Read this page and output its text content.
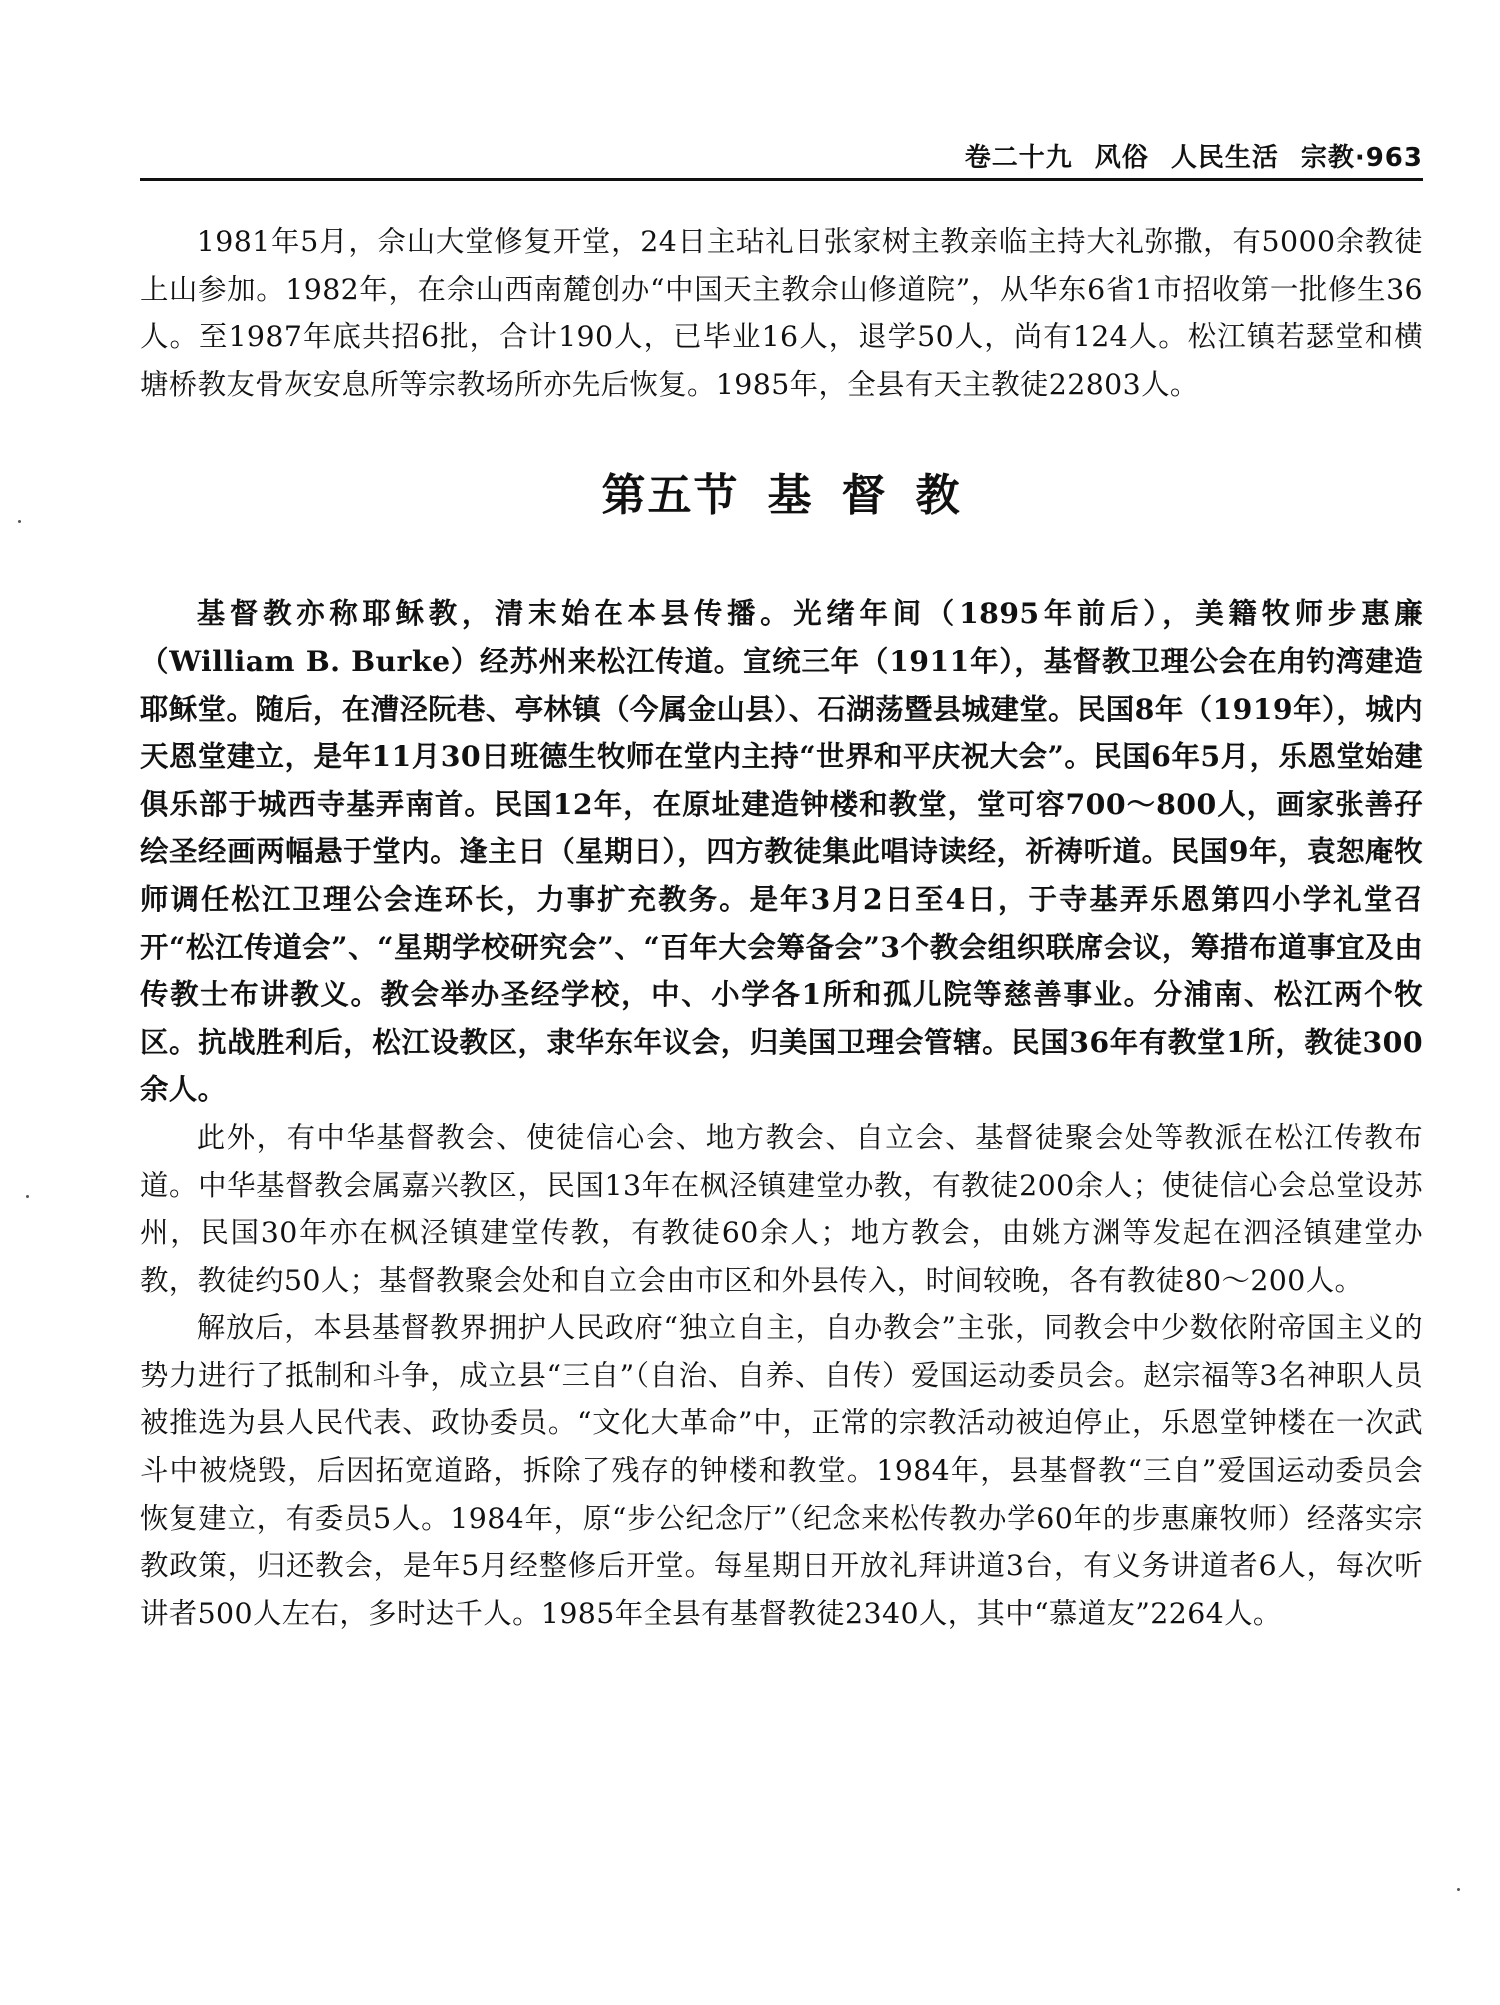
卷二十九 风俗 人民生活 宗教·963

1981年5月，佘山大堂修复开堂，24日主玷礼日张家树主教亲临主持大礼弥撒，有5000余教徒上山参加。1982年，在佘山西南麓创办“中国天主教佘山修道院”，从华东6省1市招收第一批修生36人。至1987年底共招6批，合计190人，已毕业16人，退学50人，尚有124人。松江镇若瑟堂和横塘桥教友骨灰安息所等宗教场所亦先后恢复。1985年，全县有天主教徒22803人。

第五节 基 督 教

基督教亦称耶稣教，清末始在本县传播。光绪年间（1895年前后），美籍牧师步惠廉（William B. Burke）经苏州来松江传道。宣统三年（1911年），基督教卫理公会在甪钓湾建造耶稣堂。随后，在漕泾阮巷、亭林镇（今属金山县）、石湖荡暨县城建堂。民国8年（1919年），城内天恩堂建立，是年11月30日班德生牧师在堂内主持“世界和平庆祝大会”。民国6年5月，乐恩堂始建俱乐部于城西寺基弄南首。民国12年，在原址建造钟楼和教堂，堂可容700～800人，画家张善孖绘圣经画两幅悬于堂内。逢主日（星期日），四方教徒集此唱诗读经，祈祷听道。民国9年，袁恕庵牧师调任松江卫理公会连环长，力事扩充教务。是年3月2日至4日，于寺基弄乐恩第四小学礼堂召开“松江传道会”、“星期学校研究会”、“百年大会筹备会”3个教会组织联席会议，筹措布道事宜及由传教士布讲教义。教会举办圣经学校，中、小学各1所和孤儿院等慈善事业。分浦南、松江两个牧区。抗战胜利后，松江设教区，隶华东年议会，归美国卫理会管辖。民国36年有教堂1所，教徒300余人。

此外，有中华基督教会、使徒信心会、地方教会、自立会、基督徒聚会处等教派在松江传教布道。中华基督教会属嘉兴教区，民国13年在枫泾镇建堂办教，有教徒200余人；使徒信心会总堂设苏州，民国30年亦在枫泾镇建堂传教，有教徒60余人；地方教会，由姚方渊等发起在泗泾镇建堂办教，教徒约50人；基督教聚会处和自立会由市区和外县传入，时间较晚，各有教徒80～200人。

解放后，本县基督教界拥护人民政府“独立自主，自办教会”主张，同教会中少数依附帝国主义的势力进行了抵制和斗争，成立县“三自”（自治、自养、自传）爱国运动委员会。赵宗福等3名神职人员被推选为县人民代表、政协委员。“文化大革命”中，正常的宗教活动被迫停止，乐恩堂钟楼在一次武斗中被烧毁，后因拓宽道路，拆除了残存的钟楼和教堂。1984年，县基督教“三自”爱国运动委员会恢复建立，有委员5人。1984年，原“步公纪念厅”（纪念来松传教办学60年的步惠廉牧师）经落实宗教政策，归还教会，是年5月经整修后开堂。每星期日开放礼拜讲道3台，有义务讲道者6人，每次听讲者500人左右，多时达千人。1985年全县有基督教徒2340人，其中“慕道友”2264人。
